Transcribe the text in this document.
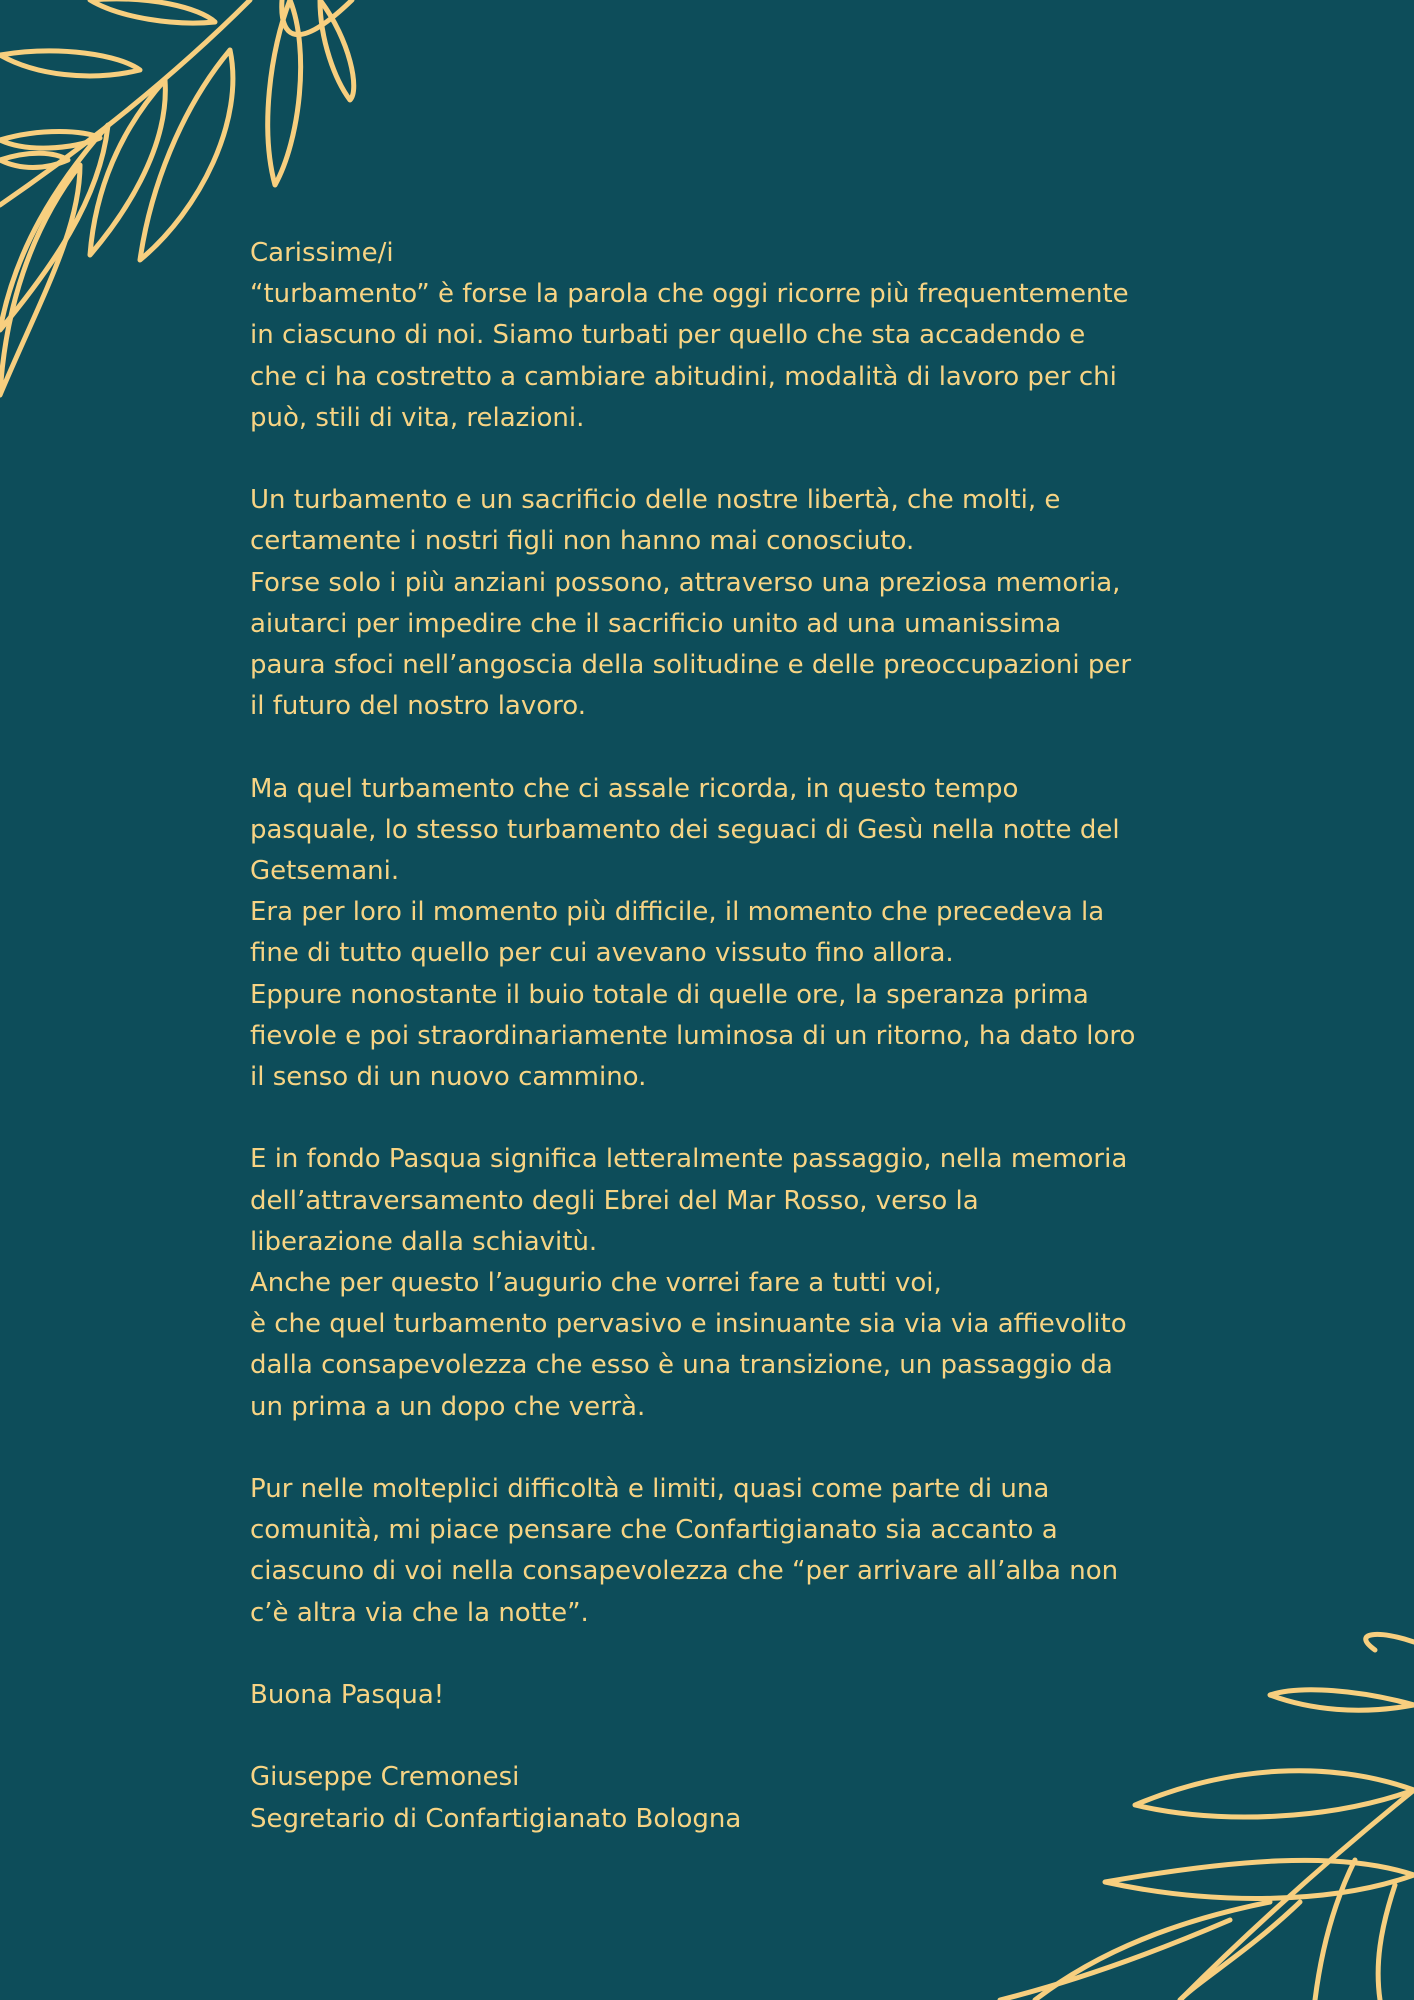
Carissime/i
“turbamento” è forse la parola che oggi ricorre più frequentemente
in ciascuno di noi. Siamo turbati per quello che sta accadendo e
che ci ha costretto a cambiare abitudini, modalità di lavoro per chi
può, stili di vita, relazioni.

Un turbamento e un sacrificio delle nostre libertà, che molti, e
certamente i nostri figli non hanno mai conosciuto.
Forse solo i più anziani possono, attraverso una preziosa memoria,
aiutarci per impedire che il sacrificio unito ad una umanissima
paura sfoci nell’angoscia della solitudine e delle preoccupazioni per
il futuro del nostro lavoro.

Ma quel turbamento che ci assale ricorda, in questo tempo
pasquale, lo stesso turbamento dei seguaci di Gesù nella notte del
Getsemani.
Era per loro il momento più difficile, il momento che precedeva la
fine di tutto quello per cui avevano vissuto fino allora.
Eppure nonostante il buio totale di quelle ore, la speranza prima
fievole e poi straordinariamente luminosa di un ritorno, ha dato loro
il senso di un nuovo cammino.

E in fondo Pasqua significa letteralmente passaggio, nella memoria
dell’attraversamento degli Ebrei del Mar Rosso, verso la
liberazione dalla schiavitù.
Anche per questo l’augurio che vorrei fare a tutti voi,
è che quel turbamento pervasivo e insinuante sia via via affievolito
dalla consapevolezza che esso è una transizione, un passaggio da
un prima a un dopo che verrà.

Pur nelle molteplici difficoltà e limiti, quasi come parte di una
comunità, mi piace pensare che Confartigianato sia accanto a
ciascuno di voi nella consapevolezza che “per arrivare all’alba non
c’è altra via che la notte”.

Buona Pasqua!

Giuseppe Cremonesi
Segretario di Confartigianato Bologna
